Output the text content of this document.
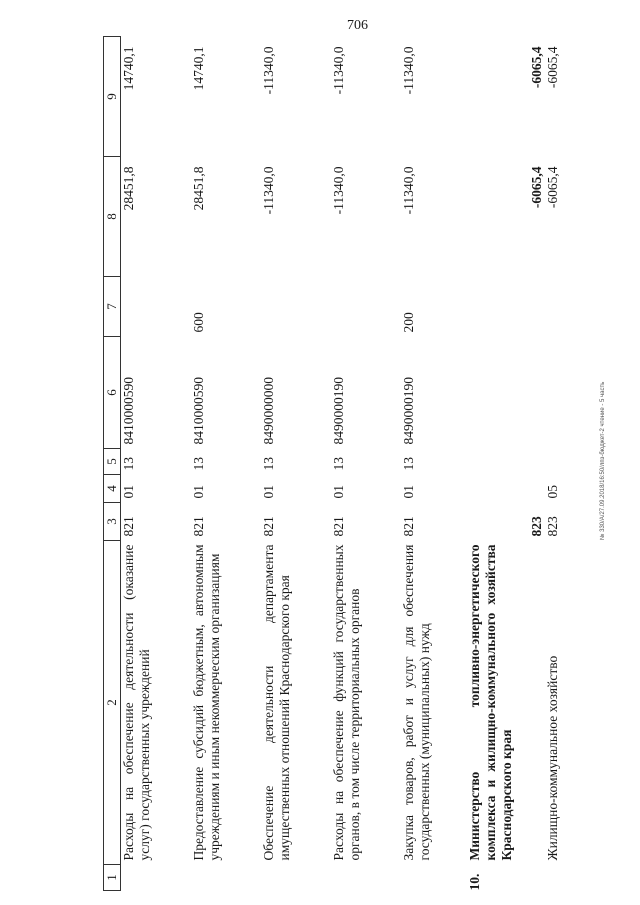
706

№ 330/A/27.09.2018/16:50/лпз-бюджет-2 чтение - 5 часть
1	2	3	4	5	6	7	8	9
	Расходы на обеспечение деятельности (оказание услуг) государственных учреждений	821	01	13	8410000590		28451,8	14740,1
	Предоставление субсидий бюджетным, автономным учреждениям и иным некоммерческим организациям	821	01	13	8410000590	600	28451,8	14740,1
	Обеспечение деятельности департамента имущественных отношений Краснодарского края	821	01	13	8490000000		-11340,0	-11340,0
	Расходы на обеспечение функций государственных органов, в том числе территориальных органов	821	01	13	8490000190		-11340,0	-11340,0
	Закупка товаров, работ и услуг для обеспечения государственных (муниципальных) нужд	821	01	13	8490000190	200	-11340,0	-11340,0
10.	Министерство топливно-энергетического комплекса и жилищно-коммунального хозяйства Краснодарского края	823					-6065,4	-6065,4
	Жилищно-коммунальное хозяйство	823	05				-6065,4	-6065,4
